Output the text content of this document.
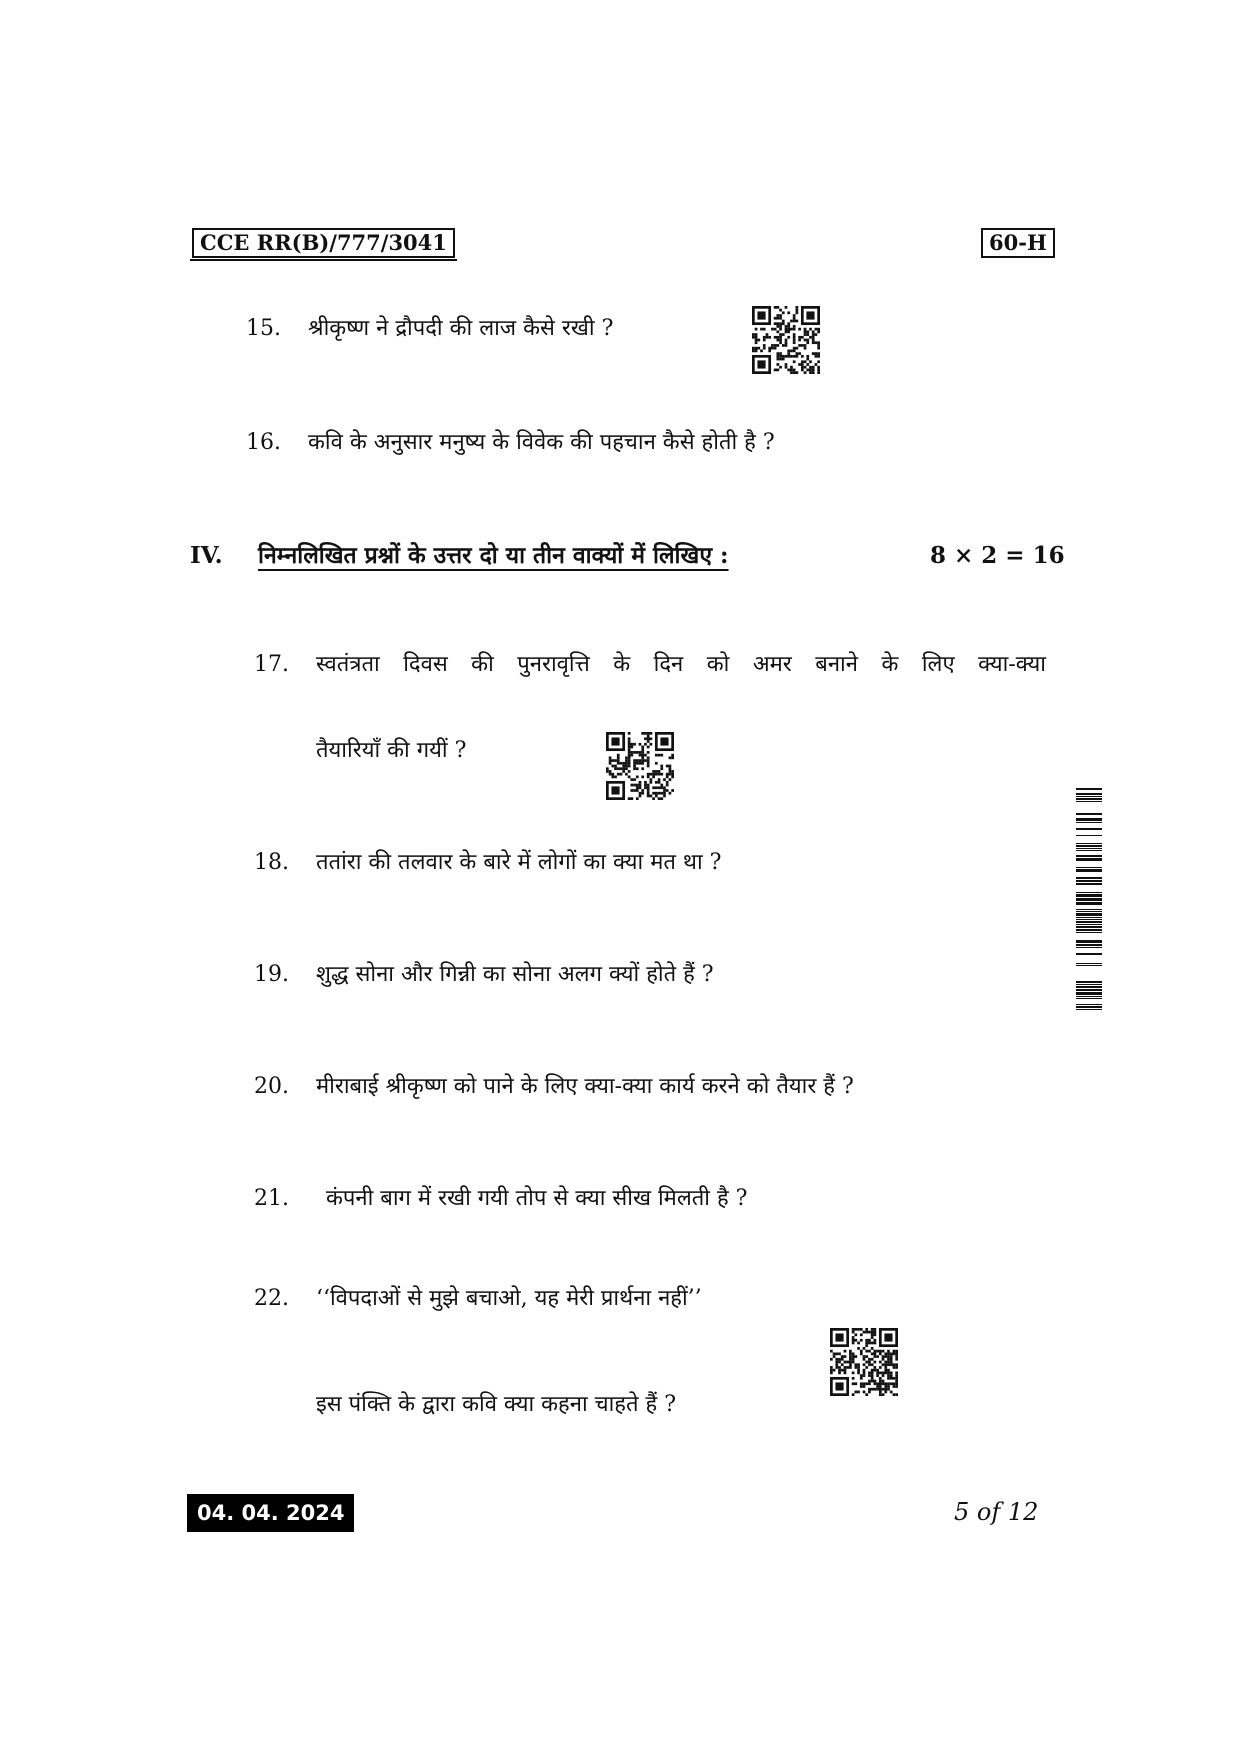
CCE RR(B)/777/3041	60-H
15. श्रीकृष्ण ने द्रौपदी की लाज कैसे रखी ?
16. कवि के अनुसार मनुष्य के विवेक की पहचान कैसे होती है ?
IV. निम्नलिखित प्रश्नों के उत्तर दो या तीन वाक्यों में लिखिए :	8 × 2 = 16
17. स्वतंत्रता दिवस की पुनरावृत्ति के दिन को अमर बनाने के लिए क्या-क्या
तैयारियाँ की गयीं ?
18. ततांरा की तलवार के बारे में लोगों का क्या मत था ?
19. शुद्ध सोना और गिन्नी का सोना अलग क्यों होते हैं ?
20. मीराबाई श्रीकृष्ण को पाने के लिए क्या-क्या कार्य करने को तैयार हैं ?
21. कंपनी बाग में रखी गयी तोप से क्या सीख मिलती है ?
22. ‘‘विपदाओं से मुझे बचाओ, यह मेरी प्रार्थना नहीं’’
इस पंक्ति के द्वारा कवि क्या कहना चाहते हैं ?
04. 04. 2024	5 of 12
